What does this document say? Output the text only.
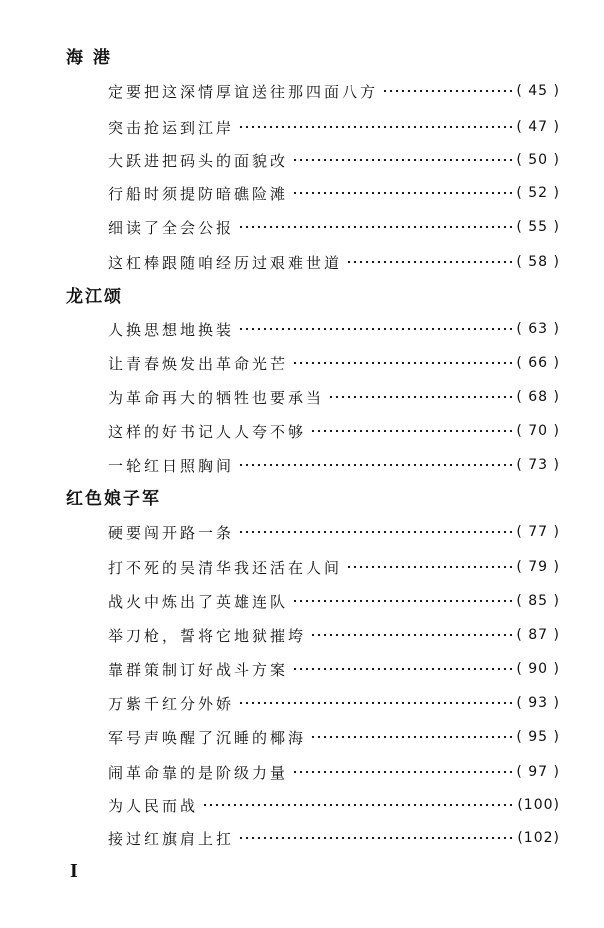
海 港
定要把这深情厚谊送往那四面八方	( 45 )
突击抢运到江岸	( 47 )
大跃进把码头的面貌改	( 50 )
行船时须提防暗礁险滩	( 52 )
细读了全会公报	( 55 )
这杠棒跟随咱经历过艰难世道	( 58 )
龙江颂
人换思想地换装	( 63 )
让青春焕发出革命光芒	( 66 )
为革命再大的牺牲也要承当	( 68 )
这样的好书记人人夸不够	( 70 )
一轮红日照胸间	( 73 )
红色娘子军
硬要闯开路一条	( 77 )
打不死的吴清华我还活在人间	( 79 )
战火中炼出了英雄连队	( 85 )
举刀枪，誓将它地狱摧垮	( 87 )
靠群策制订好战斗方案	( 90 )
万紫千红分外娇	( 93 )
军号声唤醒了沉睡的椰海	( 95 )
闹革命靠的是阶级力量	( 97 )
为人民而战	(100)
接过红旗肩上扛	(102)
I
